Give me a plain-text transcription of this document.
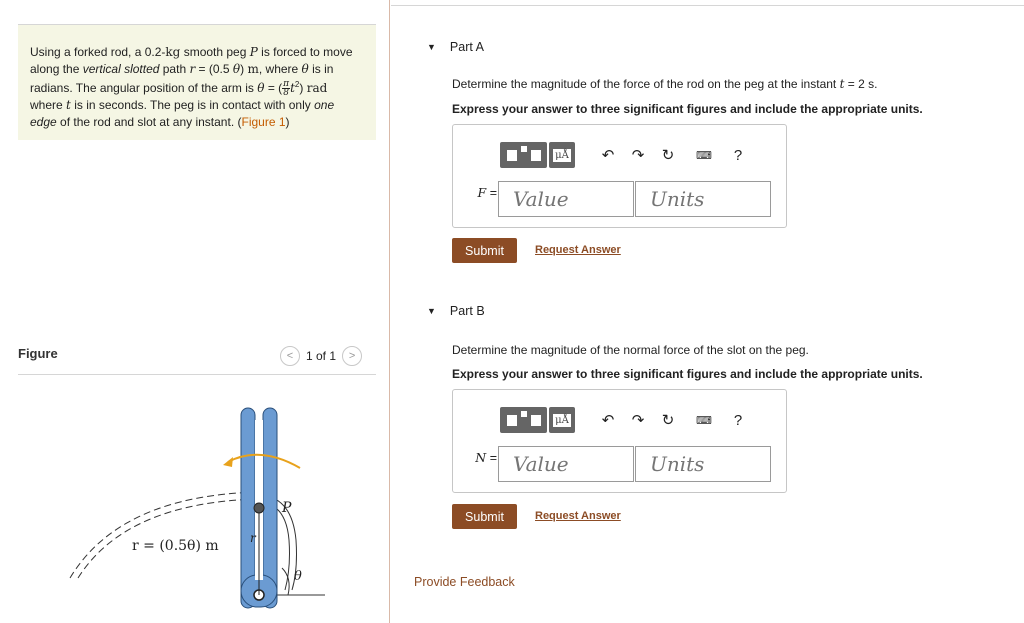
Using a forked rod, a 0.2-kg smooth peg P is forced to move along the vertical slotted path r = (0.5 θ) m, where θ is in radians. The angular position of the arm is θ = ( $\frac{\pi}{8} t^2$) rad
where t is in seconds. The peg is in contact with only one edge of the rod and slot at any instant. (Figure 1)
Figure	<	1 of 1	>
P
r = (0.5θ) m	r
θ
▼ Part A
Determine the magnitude of the force of the rod on the peg at the instant t = 2 s.
Express your answer to three significant figures and include the appropriate units.
μÅ	↶	↷	↻	⌨	?
F =
Value
Units
Submit	Request Answer
▼ Part B
Determine the magnitude of the normal force of the slot on the peg.
Express your answer to three significant figures and include the appropriate units.
μÅ	↶	↷	↻	⌨	?
N =
Value
Units
Submit	Request Answer
Provide Feedback
